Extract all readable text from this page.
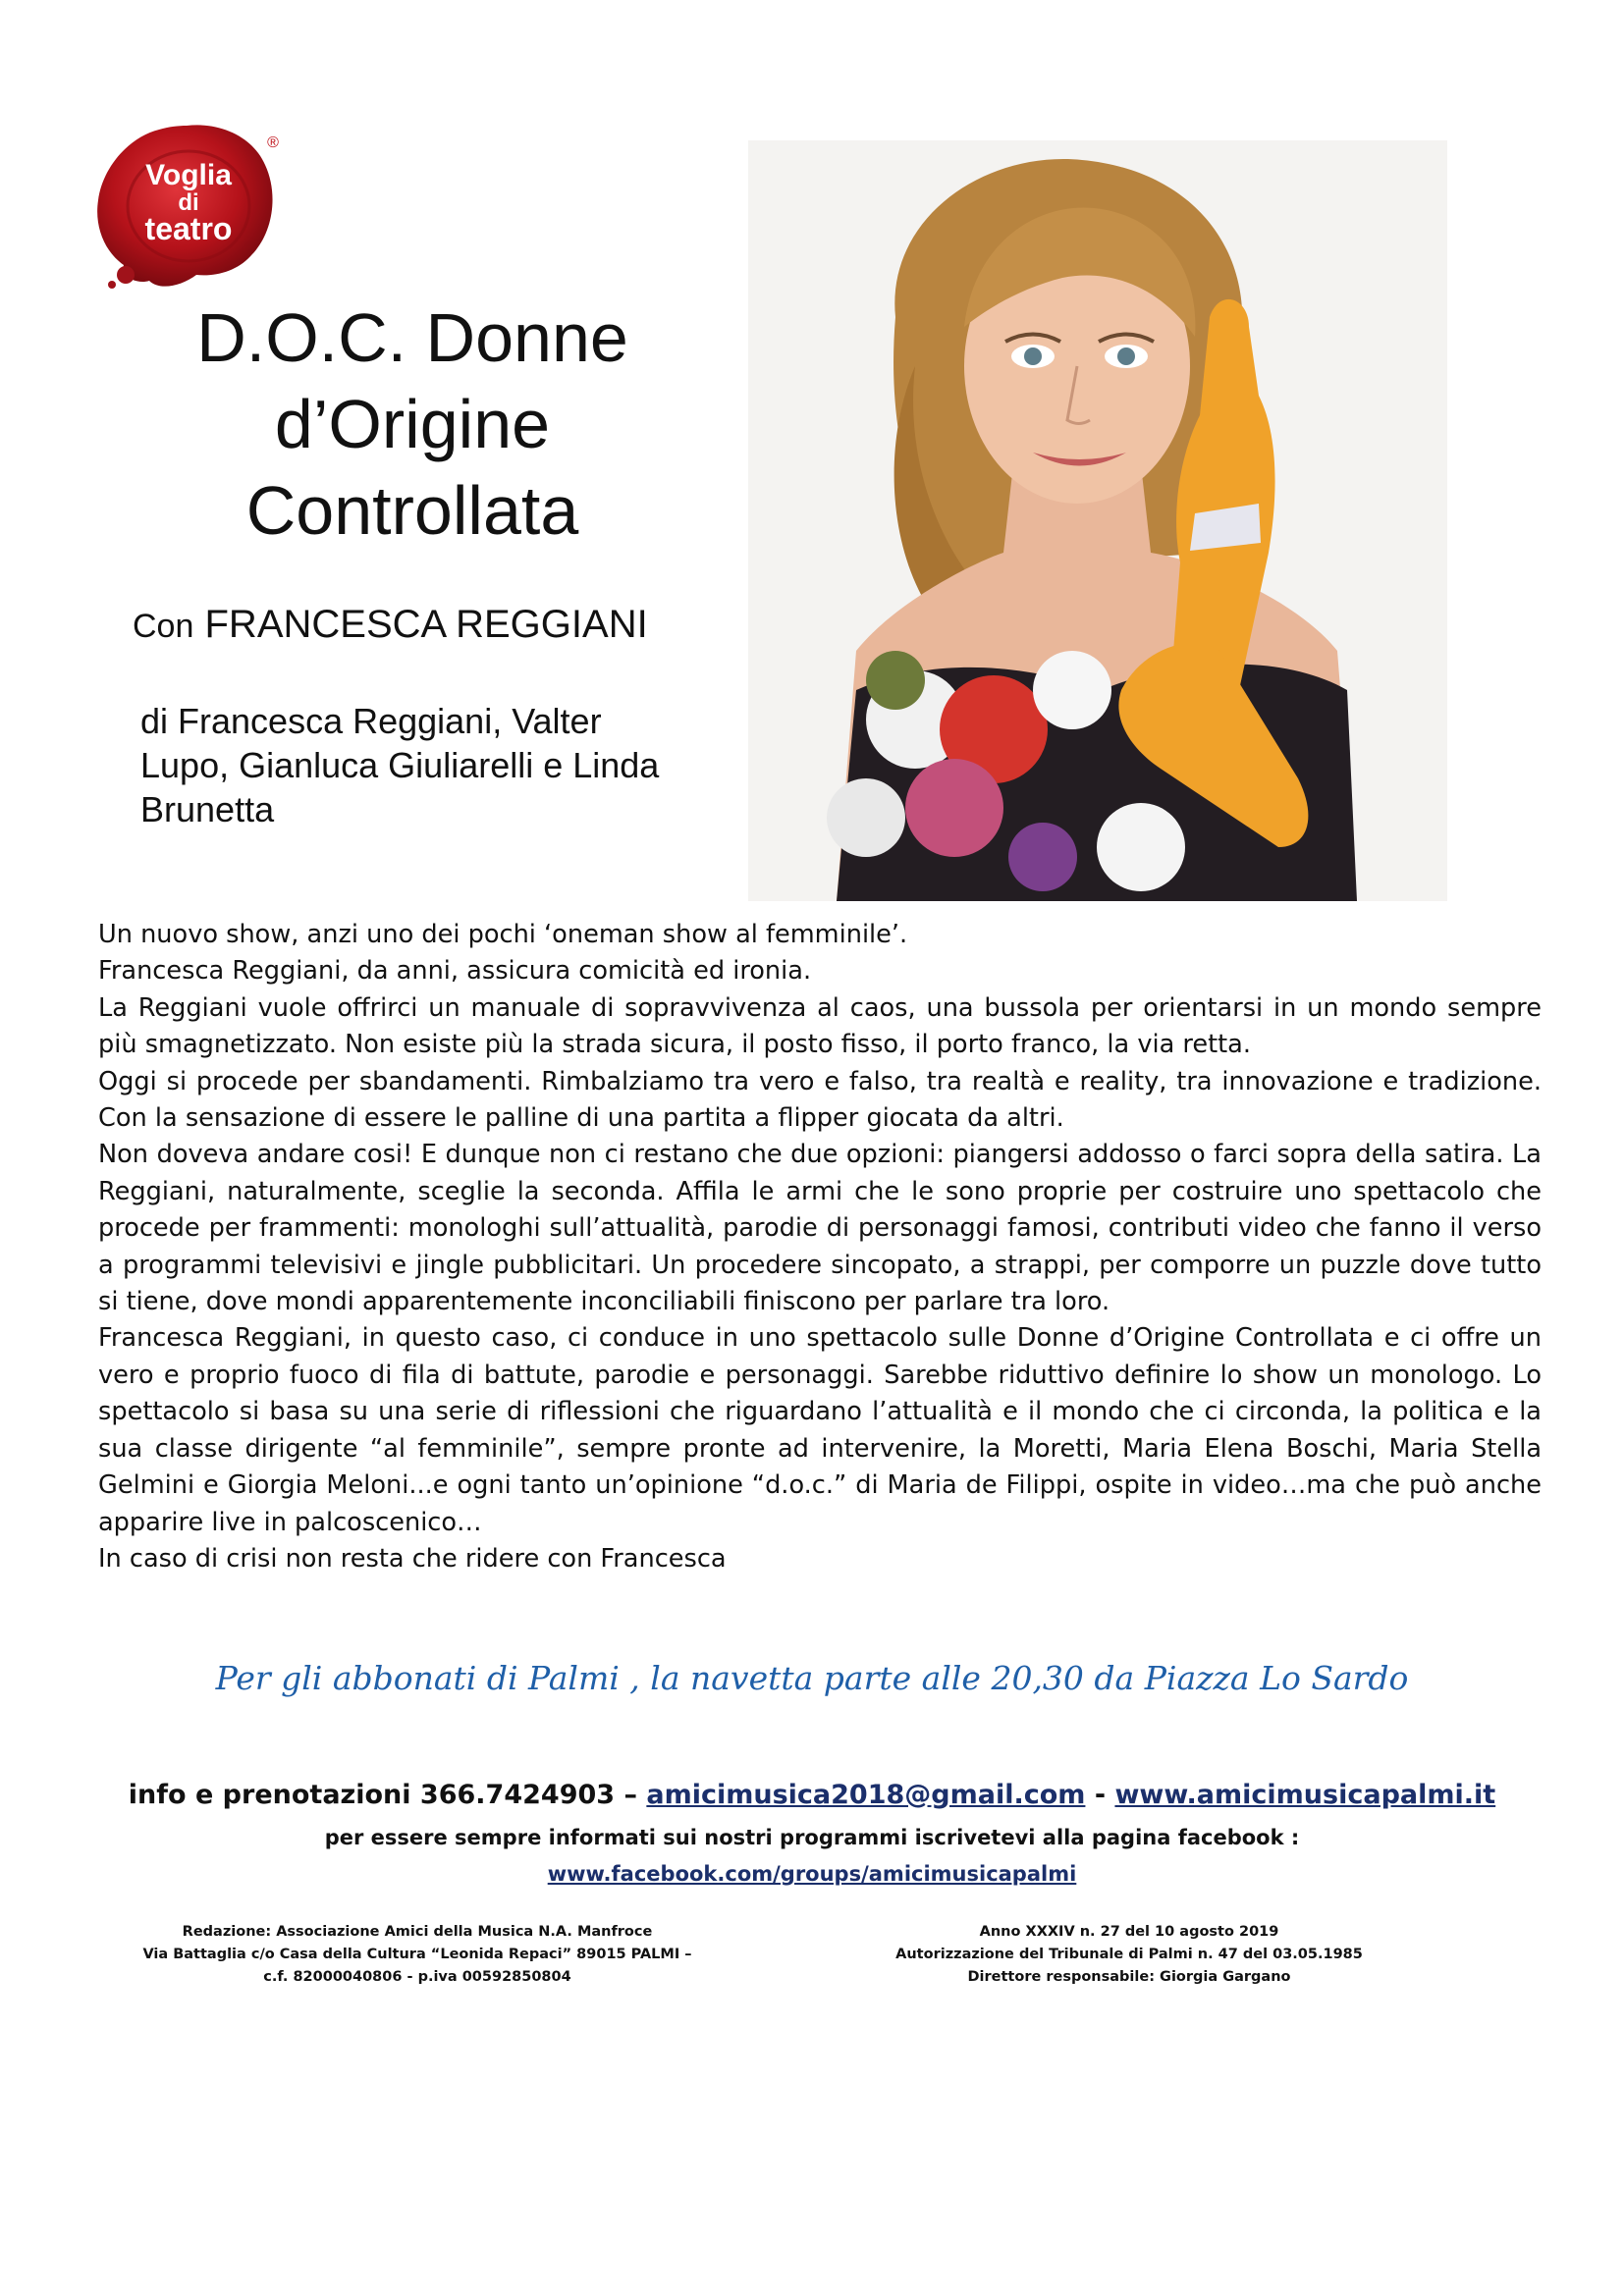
Voglia
di
teatro
®
D.O.C. Donne
d’Origine
Controllata
Con FRANCESCA REGGIANI
di Francesca Reggiani, Valter Lupo, Gianluca Giuliarelli e Linda Brunetta

Un nuovo show, anzi uno dei pochi ‘oneman show al femminile’.

Francesca Reggiani, da anni, assicura comicità ed ironia.

La Reggiani vuole offrirci un manuale di sopravvivenza al caos, una bussola per orientarsi in un mondo sempre più smagnetizzato. Non esiste più la strada sicura, il posto fisso, il porto franco, la via retta.

Oggi si procede per sbandamenti. Rimbalziamo tra vero e falso, tra realtà e reality, tra innovazione e tradizione. Con la sensazione di essere le palline di una partita a flipper giocata da altri.

Non doveva andare cosi! E dunque non ci restano che due opzioni: piangersi addosso o farci sopra della satira. La Reggiani, naturalmente, sceglie la seconda. Affila le armi che le sono proprie per costruire uno spettacolo che procede per frammenti: monologhi sull’attualità, parodie di personaggi famosi, contributi video che fanno il verso a programmi televisivi e jingle pubblicitari. Un procedere sincopato, a strappi, per comporre un puzzle dove tutto si tiene, dove mondi apparentemente inconciliabili finiscono per parlare tra loro.

Francesca Reggiani, in questo caso, ci conduce in uno spettacolo sulle Donne d’Origine Controllata e ci offre un vero e proprio fuoco di fila di battute, parodie e personaggi. Sarebbe riduttivo definire lo show un monologo. Lo spettacolo si basa su una serie di riflessioni che riguardano l’attualità e il mondo che ci circonda, la politica e la sua classe dirigente “al femminile”, sempre pronte ad intervenire, la Moretti, Maria Elena Boschi, Maria Stella Gelmini e Giorgia Meloni...e ogni tanto un’opinione “d.o.c.” di Maria de Filippi, ospite in video…ma che può anche apparire live in palcoscenico…

In caso di crisi non resta che ridere con Francesca

Per gli abbonati di Palmi , la navetta parte alle 20,30 da Piazza Lo Sardo
info e prenotazioni 366.7424903 – amicimusica2018@gmail.com - www.amicimusicapalmi.it
per essere sempre informati sui nostri programmi iscrivetevi alla pagina facebook :
www.facebook.com/groups/amicimusicapalmi
Redazione: Associazione Amici della Musica N.A. Manfroce
Via Battaglia c/o Casa della Cultura “Leonida Repaci” 89015 PALMI –
c.f. 82000040806 - p.iva 00592850804
Anno XXXIV n. 27 del 10 agosto 2019
Autorizzazione del Tribunale di Palmi n. 47 del 03.05.1985
Direttore responsabile: Giorgia Gargano
